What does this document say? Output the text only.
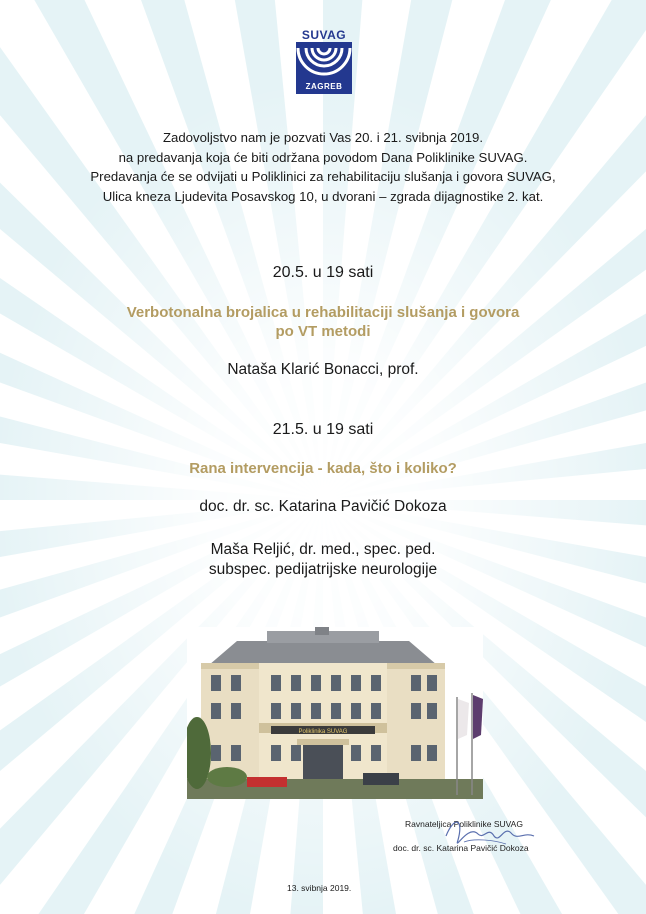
SUVAG
ZAGREB
Zadovoljstvo nam je pozvati Vas 20. i 21. svibnja 2019.
na predavanja koja će biti održana povodom Dana Poliklinike SUVAG.
Predavanja će se odvijati u Poliklinici za rehabilitaciju slušanja i govora SUVAG,
Ulica kneza Ljudevita Posavskog 10, u dvorani – zgrada dijagnostike 2. kat.
20.5. u 19 sati
Verbotonalna brojalica u rehabilitaciji slušanja i govora
po VT metodi
Nataša Klarić Bonacci, prof.
21.5. u 19 sati
Rana intervencija - kada, što i koliko?
doc. dr. sc. Katarina Pavičić Dokoza
Maša Reljić, dr. med., spec. ped.
subspec. pedijatrijske neurologije
Poliklinika SUVAG
Ravnateljica Poliklinike SUVAG
doc. dr. sc. Katarina Pavičić Dokoza
13. svibnja 2019.
